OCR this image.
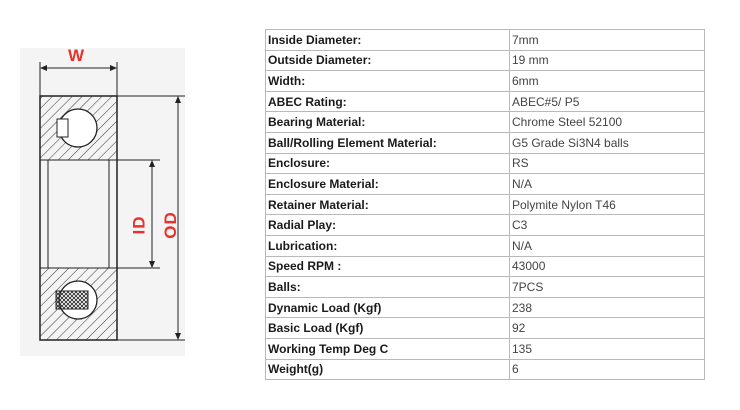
W
ID OD
Inside Diameter:	7mm
Outside Diameter:	19 mm
Width:	6mm
ABEC Rating:	ABEC#5/ P5
Bearing Material:	Chrome Steel 52100
Ball/Rolling Element Material:	G5 Grade Si3N4 balls
Enclosure:	RS
Enclosure Material:	N/A
Retainer Material:	Polymite Nylon T46
Radial Play:	C3
Lubrication:	N/A
Speed RPM :	43000
Balls:	7PCS
Dynamic Load (Kgf)	238
Basic Load (Kgf)	92
Working Temp Deg C	135
Weight(g)	6
